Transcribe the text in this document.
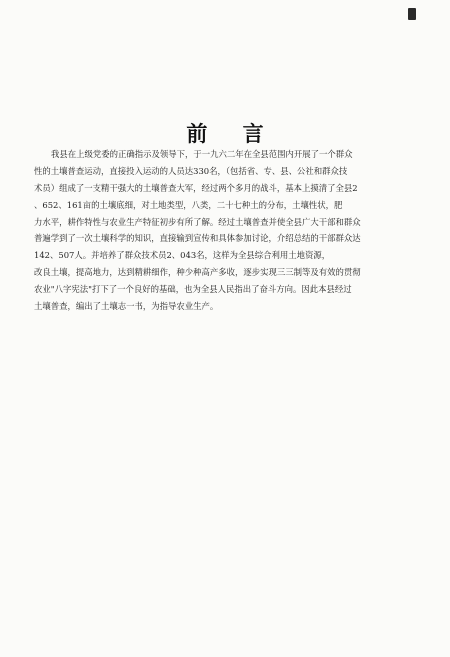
前 言
我县在上级党委的正确指示及领导下，于一九六二年在全县范围内开展了一个群众
性的土壤普查运动，直接投入运动的人员达330名，（包括省、专、县、公社和群众技
术员）组成了一支精干强大的土壤普查大军，经过两个多月的战斗，基本上摸清了全县2
、652、161亩的土壤底细，对土地类型，八类，二十七种土的分布，土壤性状，肥
力水平，耕作特性与农业生产特征初步有所了解。经过土壤普查并使全县广大干部和群众
普遍学到了一次土壤科学的知识，直接输到宣传和具体参加讨论，介绍总结的干部群众达
142、507人。并培养了群众技术员2、043名，这样为全县综合利用土地资源，
改良土壤，提高地力，达到精耕细作，种少种高产多收，逐步实现三三制等及有效的贯彻
农业"八字宪法"打下了一个良好的基础，也为全县人民指出了奋斗方向。因此本县经过
土壤普查，编出了土壤志一书，为指导农业生产。
